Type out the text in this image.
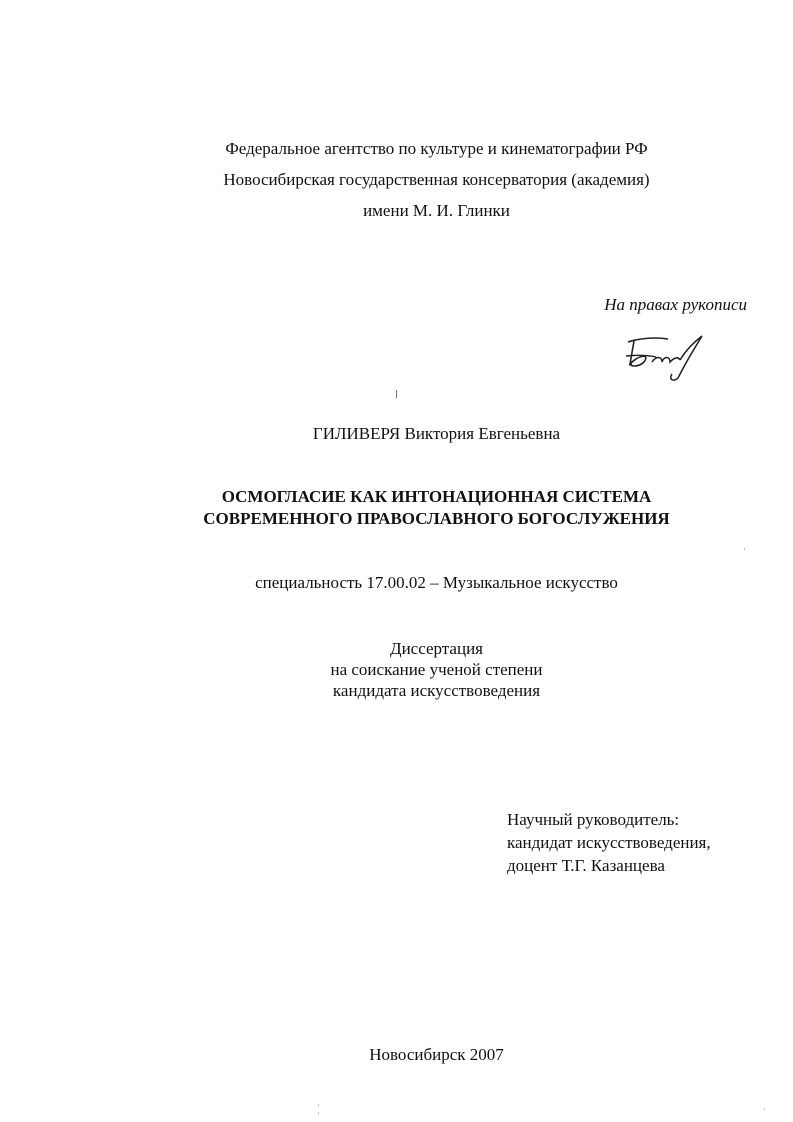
Федеральное агентство по культуре и кинематографии РФ
Новосибирская государственная консерватория (академия)
имени М. И. Глинки
На правах рукописи
ГИЛИВЕРЯ Виктория Евгеньевна
ОСМОГЛАСИЕ КАК ИНТОНАЦИОННАЯ СИСТЕМА
СОВРЕМЕННОГО ПРАВОСЛАВНОГО БОГОСЛУЖЕНИЯ
специальность 17.00.02 – Музыкальное искусство
Диссертация
на соискание ученой степени
кандидата искусствоведения
Научный руководитель:
кандидат искусствоведения,
доцент Т.Г. Казанцева
Новосибирск 2007
